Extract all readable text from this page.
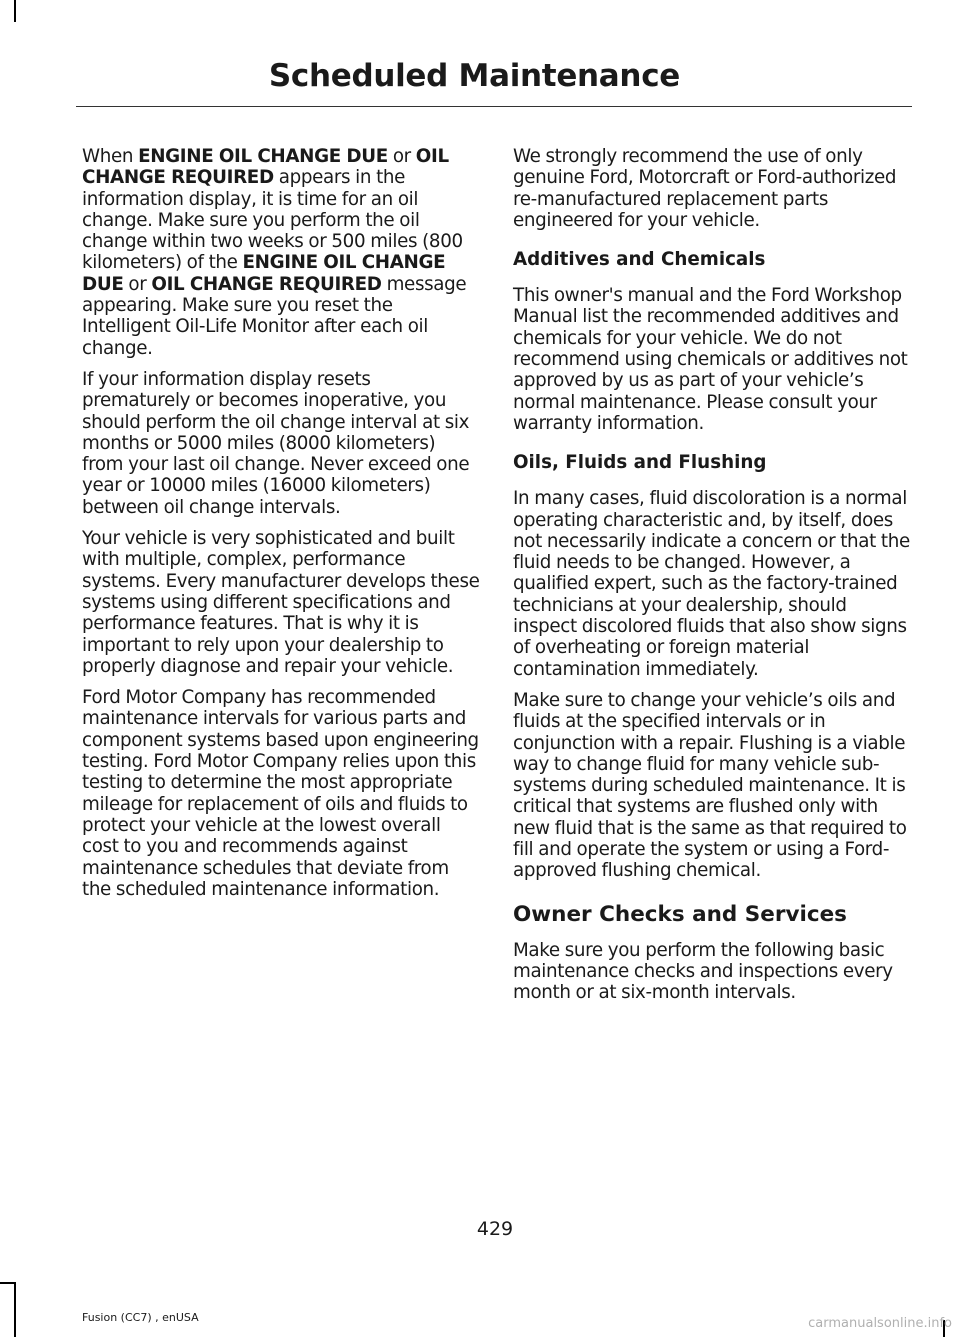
Scheduled Maintenance

When ENGINE OIL CHANGE DUE or OIL CHANGE REQUIRED appears in the information display, it is time for an oil change. Make sure you perform the oil change within two weeks or 500 miles (800 kilometers) of the ENGINE OIL CHANGE DUE or OIL CHANGE REQUIRED message appearing. Make sure you reset the Intelligent Oil-Life Monitor after each oil change.

If your information display resets prematurely or becomes inoperative, you should perform the oil change interval at six months or 5000 miles (8000 kilometers) from your last oil change. Never exceed one year or 10000 miles (16000 kilometers) between oil change intervals.

Your vehicle is very sophisticated and built with multiple, complex, performance systems. Every manufacturer develops these systems using different specifications and performance features. That is why it is important to rely upon your dealership to properly diagnose and repair your vehicle.

Ford Motor Company has recommended maintenance intervals for various parts and component systems based upon engineering testing. Ford Motor Company relies upon this testing to determine the most appropriate mileage for replacement of oils and fluids to protect your vehicle at the lowest overall cost to you and recommends against maintenance schedules that deviate from the scheduled maintenance information.

We strongly recommend the use of only genuine Ford, Motorcraft or Ford-authorized re-manufactured replacement parts engineered for your vehicle.

Additives and Chemicals

This owner's manual and the Ford Workshop Manual list the recommended additives and chemicals for your vehicle. We do not recommend using chemicals or additives not approved by us as part of your vehicle’s normal maintenance. Please consult your warranty information.

Oils, Fluids and Flushing

In many cases, fluid discoloration is a normal operating characteristic and, by itself, does not necessarily indicate a concern or that the fluid needs to be changed. However, a qualified expert, such as the factory-trained technicians at your dealership, should inspect discolored fluids that also show signs of overheating or foreign material contamination immediately.

Make sure to change your vehicle’s oils and fluids at the specified intervals or in conjunction with a repair. Flushing is a viable way to change fluid for many vehicle sub-systems during scheduled maintenance. It is critical that systems are flushed only with new fluid that is the same as that required to fill and operate the system or using a Ford-approved flushing chemical.

Owner Checks and Services

Make sure you perform the following basic maintenance checks and inspections every month or at six-month intervals.

429
Fusion (CC7) , enUSA	carmanualsonline.info
